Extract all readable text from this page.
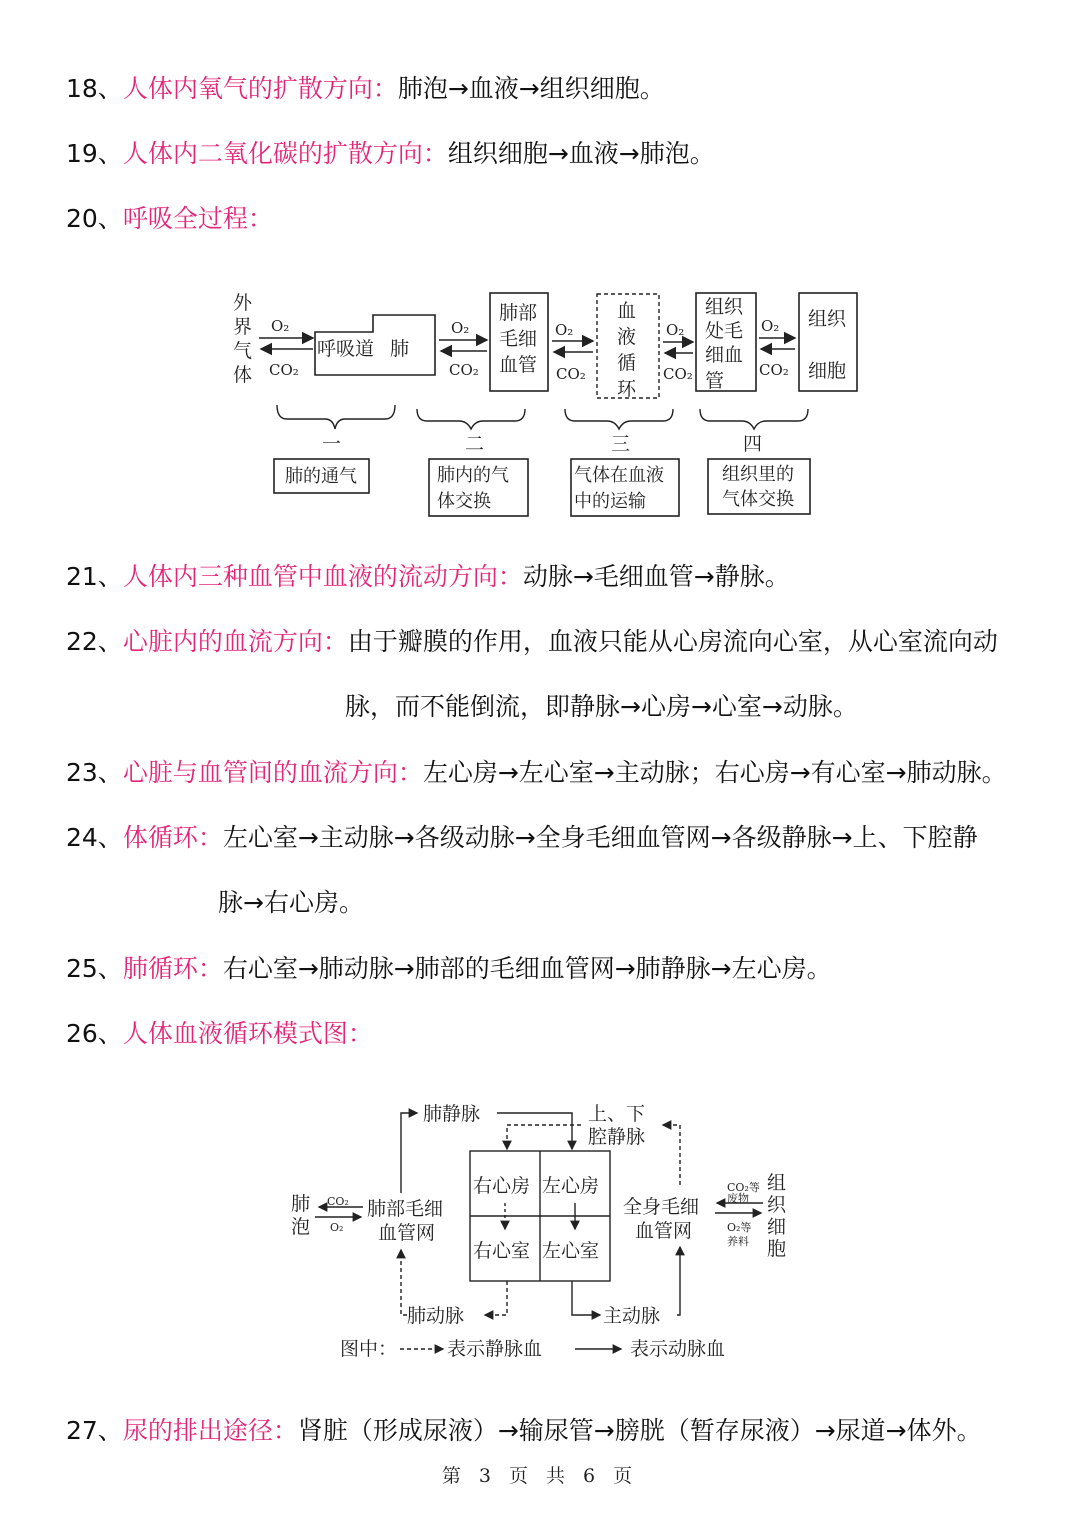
18、人体内氧气的扩散方向：肺泡→血液→组织细胞。
19、人体内二氧化碳的扩散方向：组织细胞→血液→肺泡。
20、呼吸全过程：
外
界
气
体
O₂
CO₂
呼吸道 肺
O₂
CO₂
肺部
毛细
血管
O₂
CO₂
血
液
循
环
O₂
CO₂
组织
处毛
细血
管
O₂
CO₂
组织
细胞
一	二	三	四
肺的通气	肺内的气
体交换
气体在血液
中的运输
组织里的
气体交换
21、人体内三种血管中血液的流动方向：动脉→毛细血管→静脉。
22、心脏内的血流方向：由于瓣膜的作用，血液只能从心房流向心室，从心室流向动
脉，而不能倒流，即静脉→心房→心室→动脉。
23、心脏与血管间的血流方向：左心房→左心室→主动脉；右心房→有心室→肺动脉。
24、体循环：左心室→主动脉→各级动脉→全身毛细血管网→各级静脉→上、下腔静
脉→右心房。
25、肺循环：右心室→肺动脉→肺部的毛细血管网→肺静脉→左心房。
26、人体血液循环模式图：
肺静脉	上、下
腔静脉
右心房 左心房
右心室 左心室
肺
泡
肺部毛细
血管网
全身毛细
血管网
组
织
细
胞
肺动脉	主动脉
图中：	表示静脉血	表示动脉血
CO₂
O₂
CO₂等
废物
O₂等
养料
27、尿的排出途径：肾脏（形成尿液）→输尿管→膀胱（暂存尿液）→尿道→体外。
第 3 页 共 6 页
